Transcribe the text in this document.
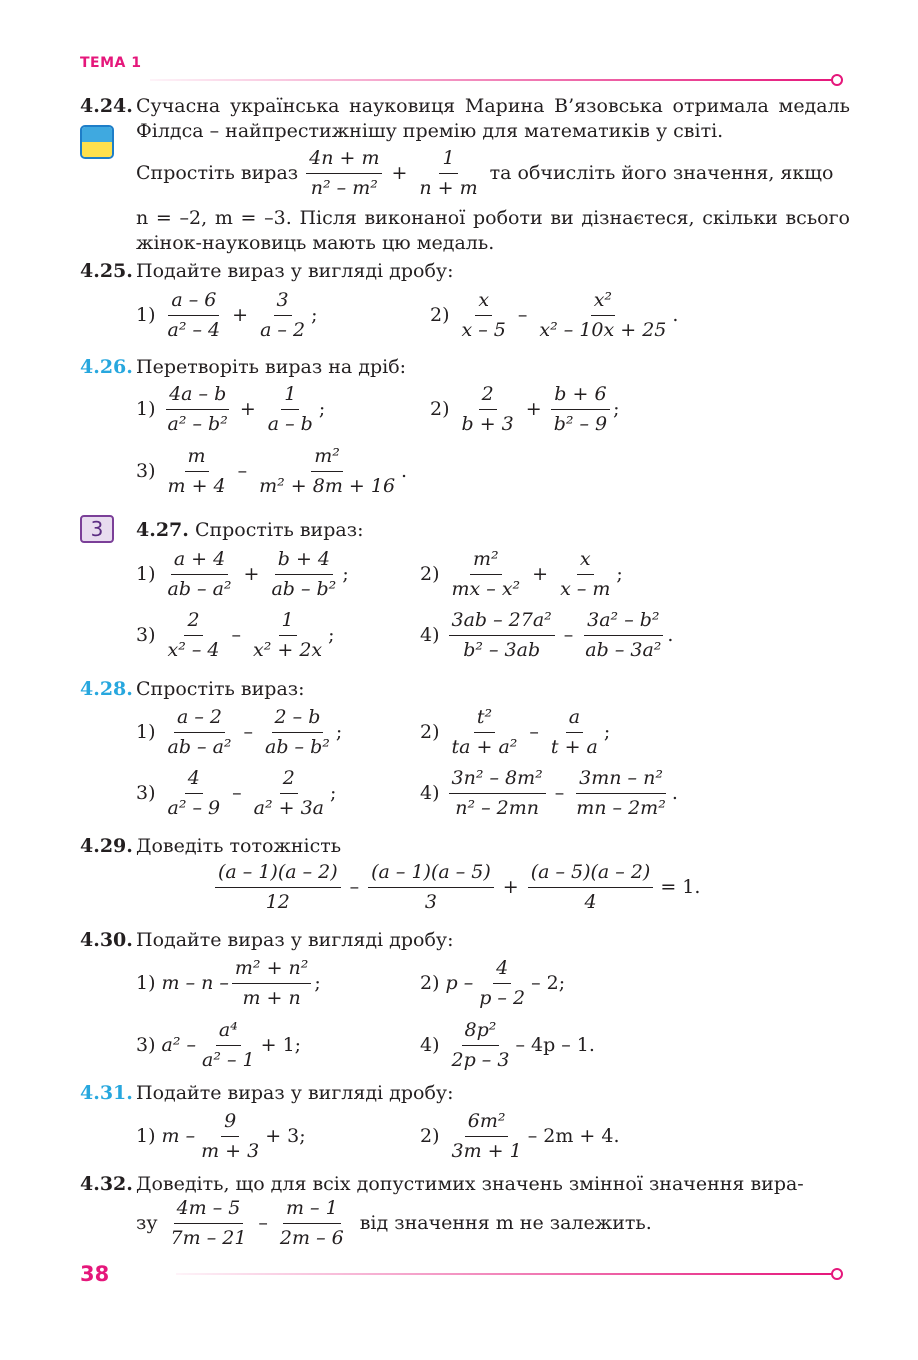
ТЕМА 1
4.24. Сучасна українська науковиця Марина В’язовська отримала медаль Філдса – найпрестижнішу премію для математиків у світі.
Спростіть вираз $\frac{4n + m}{\text{n² – m²}} + \frac{1}{n + m}$ та обчисліть його значення, якщо
n = –2, m = –3. Після виконаної роботи ви дізнаєтеся, скільки всього жінок-науковиць мають цю медаль.
4.25. Подайте вираз у вигляді дробу:
$1) \frac{a - 6}{\text{a² – 4}} + \frac{3}{a - 2}$ ;	$2) \frac{x}{x - 5} - \frac{\text{x²}}{\text{x² – 10x + 25}}$ .
4.26. Перетворіть вираз на дріб:
$1) \frac{4a - b}{\text{a² – b²}} + \frac{1}{a - b}$ ;	$2) \frac{2}{b + 3} + \frac{b + 6}{\text{b² – 9}}$ ;
$3) \frac{m}{m + 4} - \frac{\text{m²}}{\text{m² + 8m + 16}}$ .
3	4.27. Спростіть вираз:
$1) \frac{a + 4}{\text{ab – a²}} + \frac{b + 4}{\text{ab – b²}}$ ;	$2) \frac{\text{m²}}{\text{mx – x²}} + \frac{x}{x - m}$ ;
$3) \frac{2}{\text{x² – 4}} - \frac{1}{\text{x² + 2x}}$ ;	$4) \frac{\text{3ab – 27a²}}{\text{b² – 3ab}} - \frac{\text{3a² – b²}}{\text{ab – 3a²}}$ .
4.28. Спростіть вираз:
$1) \frac{a - 2}{\text{ab – a²}} - \frac{2 - b}{\text{ab – b²}}$ ;	$2) \frac{\text{t²}}{\text{ta + a²}} - \frac{a}{t + a}$ ;
$3) \frac{4}{\text{a² – 9}} - \frac{2}{\text{a² + 3a}}$ ;	$4) \frac{\text{3n² – 8m²}}{\text{n² – 2mn}} - \frac{\text{3mn – n²}}{\text{mn – 2m²}}$ .
4.29. Доведіть тотожність
$\frac{(a - 1)(a - 2)}{12} - \frac{(a - 1)(a - 5)}{3} + \frac{(a - 5)(a - 2)}{4} = 1$.
4.30. Подайте вираз у вигляді дробу:
1) m – n – $\frac{\text{m² + n²}}{m + n}$ ;	2) p – $\frac{4}{p - 2} - 2$;
3) $a^2 - \frac{\text{a⁴}}{\text{a² – 1}} + 1$;	$4) \frac{\text{8p²}}{2p - 3} - 4p - 1$.
4.31. Подайте вираз у вигляді дробу:
1) $m - \frac{9}{m + 3} + 3$;	$2) \frac{\text{6m²}}{3m + 1} - 2m + 4$.
4.32. Доведіть, що для всіх допустимих значень змінної значення вира-
зу $\frac{4m - 5}{7m - 21} - \frac{m - 1}{2m - 6}$ від значення m не залежить.
38
